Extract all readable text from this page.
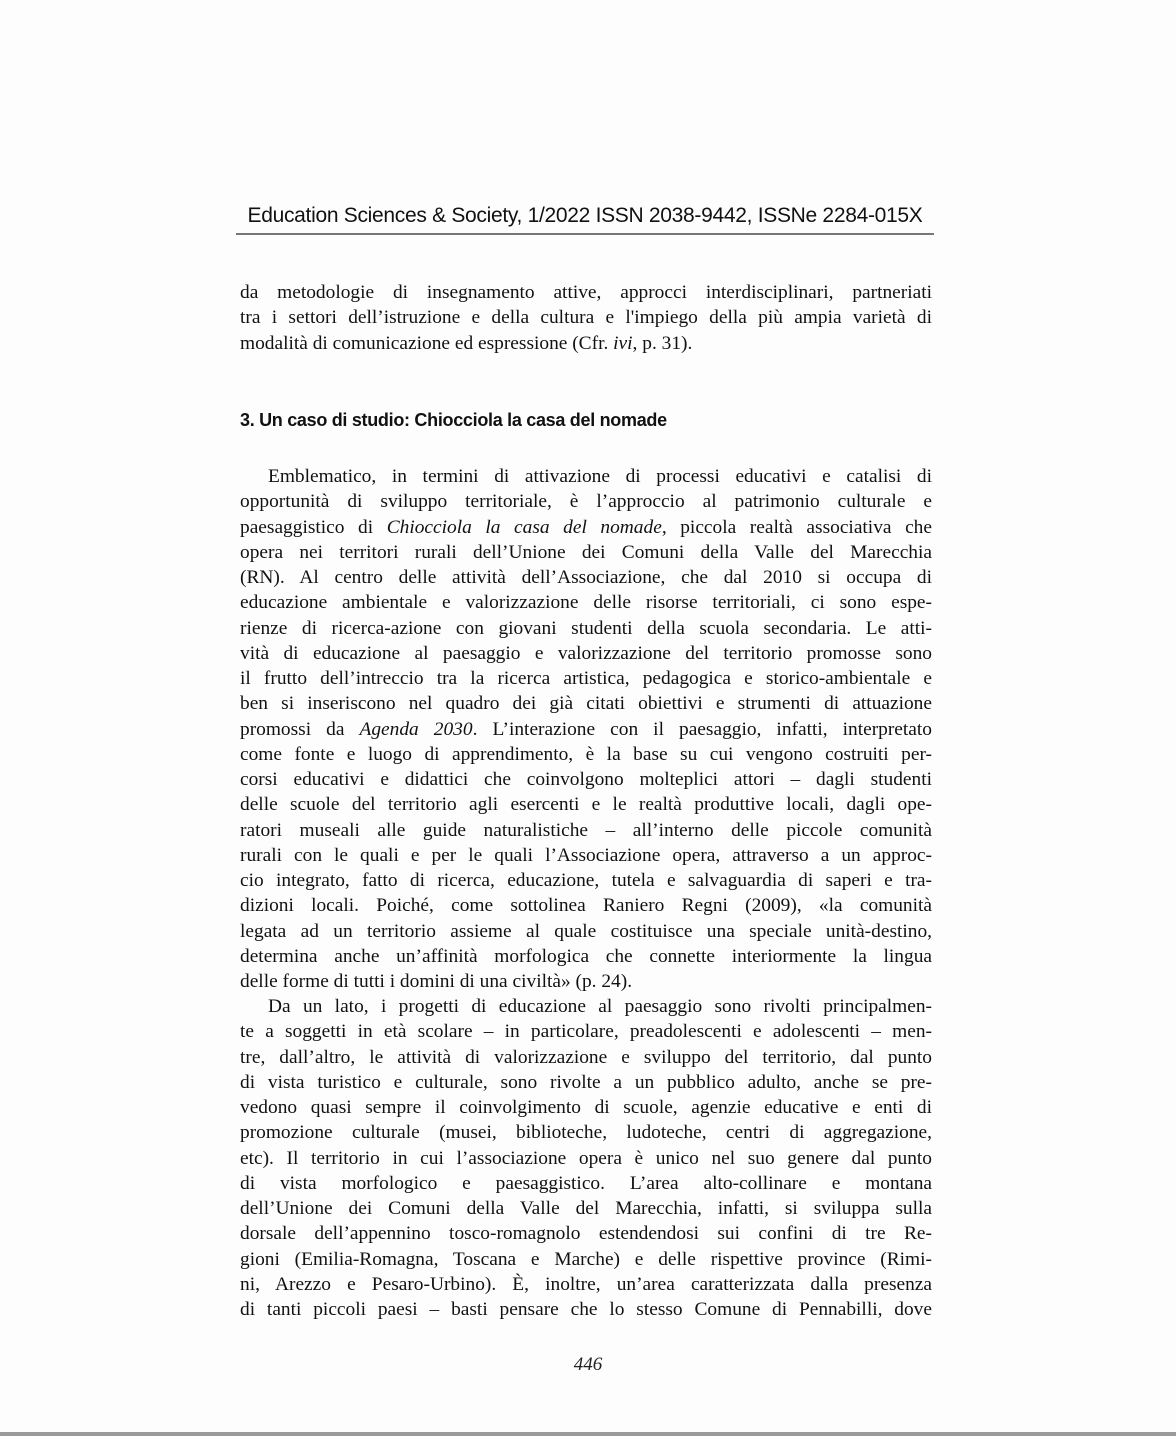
Education Sciences & Society, 1/2022 ISSN 2038-9442, ISSNe 2284-015X
da metodologie di insegnamento attive, approcci interdisciplinari, partneriati
tra i settori dell’istruzione e della cultura e l'impiego della più ampia varietà di
modalità di comunicazione ed espressione (Cfr. ivi, p. 31).
3. Un caso di studio: Chiocciola la casa del nomade
Emblematico, in termini di attivazione di processi educativi e catalisi di
opportunità di sviluppo territoriale, è l’approccio al patrimonio culturale e
paesaggistico di Chiocciola la casa del nomade, piccola realtà associativa che
opera nei territori rurali dell’Unione dei Comuni della Valle del Marecchia
(RN). Al centro delle attività dell’Associazione, che dal 2010 si occupa di
educazione ambientale e valorizzazione delle risorse territoriali, ci sono espe-
rienze di ricerca-azione con giovani studenti della scuola secondaria. Le atti-
vità di educazione al paesaggio e valorizzazione del territorio promosse sono
il frutto dell’intreccio tra la ricerca artistica, pedagogica e storico-ambientale e
ben si inseriscono nel quadro dei già citati obiettivi e strumenti di attuazione
promossi da Agenda 2030. L’interazione con il paesaggio, infatti, interpretato
come fonte e luogo di apprendimento, è la base su cui vengono costruiti per-
corsi educativi e didattici che coinvolgono molteplici attori – dagli studenti
delle scuole del territorio agli esercenti e le realtà produttive locali, dagli ope-
ratori museali alle guide naturalistiche – all’interno delle piccole comunità
rurali con le quali e per le quali l’Associazione opera, attraverso a un approc-
cio integrato, fatto di ricerca, educazione, tutela e salvaguardia di saperi e tra-
dizioni locali. Poiché, come sottolinea Raniero Regni (2009), «la comunità
legata ad un territorio assieme al quale costituisce una speciale unità-destino,
determina anche un’affinità morfologica che connette interiormente la lingua
delle forme di tutti i domini di una civiltà» (p. 24).
Da un lato, i progetti di educazione al paesaggio sono rivolti principalmen-
te a soggetti in età scolare – in particolare, preadolescenti e adolescenti – men-
tre, dall’altro, le attività di valorizzazione e sviluppo del territorio, dal punto
di vista turistico e culturale, sono rivolte a un pubblico adulto, anche se pre-
vedono quasi sempre il coinvolgimento di scuole, agenzie educative e enti di
promozione culturale (musei, biblioteche, ludoteche, centri di aggregazione,
etc). Il territorio in cui l’associazione opera è unico nel suo genere dal punto
di vista morfologico e paesaggistico. L’area alto-collinare e montana
dell’Unione dei Comuni della Valle del Marecchia, infatti, si sviluppa sulla
dorsale dell’appennino tosco-romagnolo estendendosi sui confini di tre Re-
gioni (Emilia-Romagna, Toscana e Marche) e delle rispettive province (Rimi-
ni, Arezzo e Pesaro-Urbino). È, inoltre, un’area caratterizzata dalla presenza
di tanti piccoli paesi – basti pensare che lo stesso Comune di Pennabilli, dove
446
